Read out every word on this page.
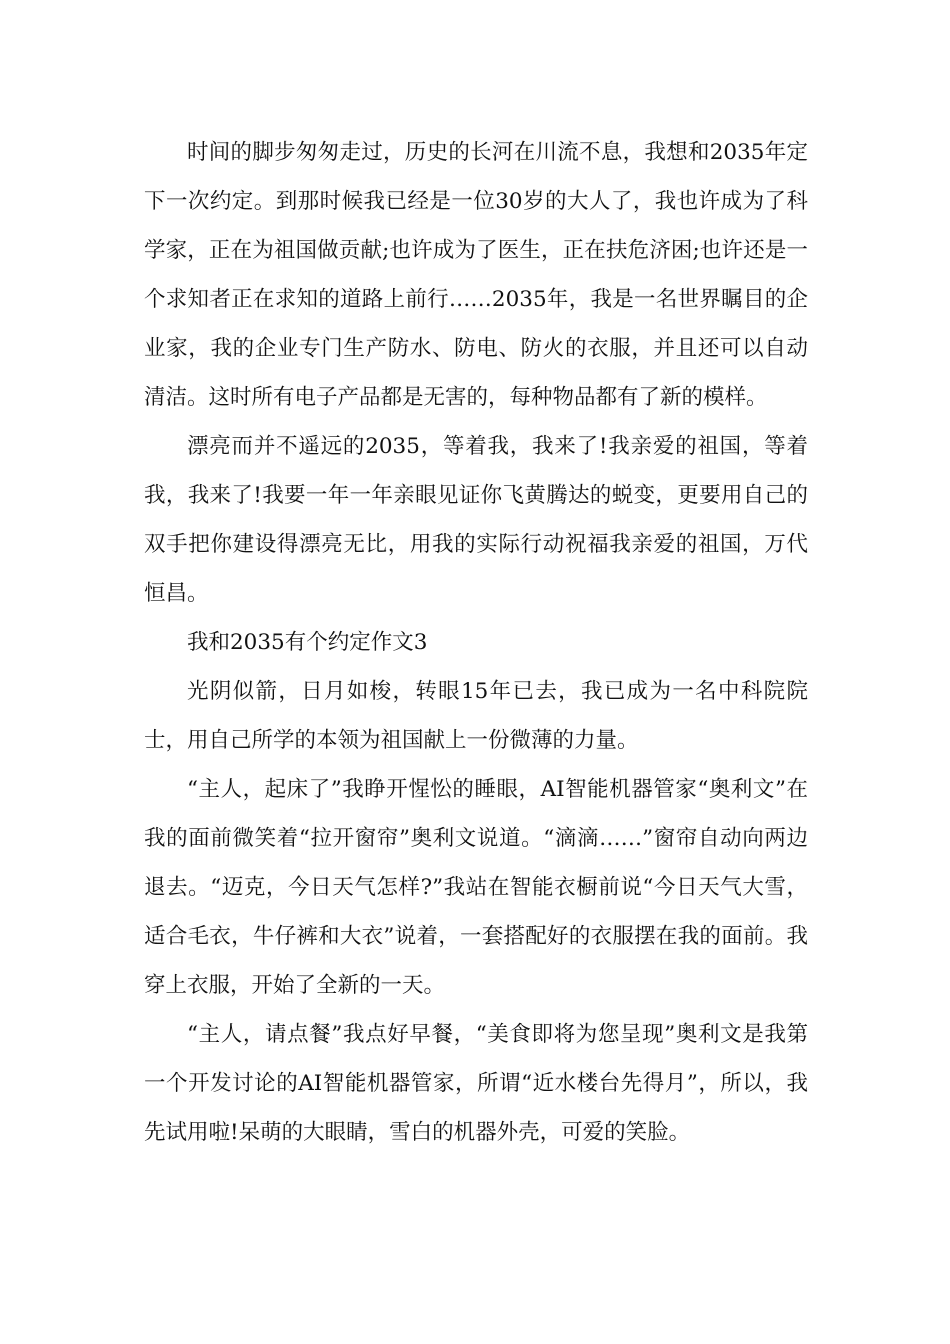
时间的脚步匆匆走过，历史的长河在川流不息，我想和2035年定下一次约定。到那时候我已经是一位30岁的大人了，我也许成为了科学家，正在为祖国做贡献;也许成为了医生，正在扶危济困;也许还是一个求知者正在求知的道路上前行……2035年，我是一名世界瞩目的企业家，我的企业专门生产防水、防电、防火的衣服，并且还可以自动清洁。这时所有电子产品都是无害的，每种物品都有了新的模样。

漂亮而并不遥远的2035，等着我，我来了!我亲爱的祖国，等着我，我来了!我要一年一年亲眼见证你飞黄腾达的蜕变，更要用自己的双手把你建设得漂亮无比，用我的实际行动祝福我亲爱的祖国，万代恒昌。

我和2035有个约定作文3

光阴似箭，日月如梭，转眼15年已去，我已成为一名中科院院士，用自己所学的本领为祖国献上一份微薄的力量。

“主人，起床了”我睁开惺忪的睡眼，AI智能机器管家“奥利文”在我的面前微笑着“拉开窗帘”奥利文说道。“滴滴……”窗帘自动向两边退去。“迈克，今日天气怎样?”我站在智能衣橱前说“今日天气大雪，适合毛衣，牛仔裤和大衣”说着，一套搭配好的衣服摆在我的面前。我穿上衣服，开始了全新的一天。

“主人，请点餐”我点好早餐，“美食即将为您呈现”奥利文是我第一个开发讨论的AI智能机器管家，所谓“近水楼台先得月”，所以，我先试用啦!呆萌的大眼睛，雪白的机器外壳，可爱的笑脸。
